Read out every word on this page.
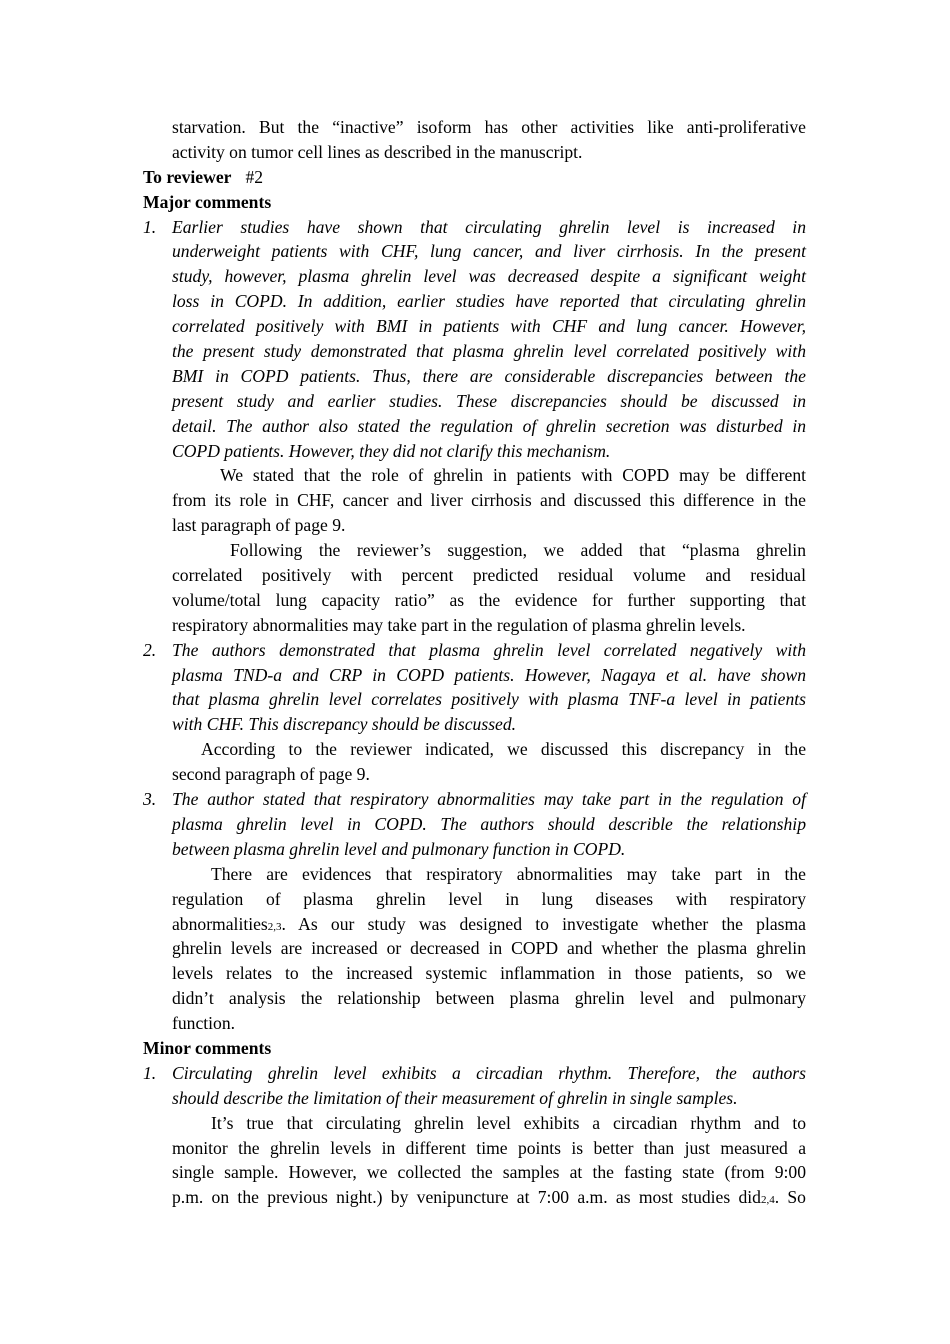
starvation. But the “inactive” isoform has other activities like anti-proliferative
activity on tumor cell lines as described in the manuscript.
To reviewer #2
Major comments
1. Earlier studies have shown that circulating ghrelin level is increased in
underweight patients with CHF, lung cancer, and liver cirrhosis. In the present
study, however, plasma ghrelin level was decreased despite a significant weight
loss in COPD. In addition, earlier studies have reported that circulating ghrelin
correlated positively with BMI in patients with CHF and lung cancer. However,
the present study demonstrated that plasma ghrelin level correlated positively with
BMI in COPD patients. Thus, there are considerable discrepancies between the
present study and earlier studies. These discrepancies should be discussed in
detail. The author also stated the regulation of ghrelin secretion was disturbed in
COPD patients. However, they did not clarify this mechanism.
We stated that the role of ghrelin in patients with COPD may be different
from its role in CHF, cancer and liver cirrhosis and discussed this difference in the
last paragraph of page 9.
Following the reviewer’s suggestion, we added that “plasma ghrelin
correlated positively with percent predicted residual volume and residual
volume/total lung capacity ratio” as the evidence for further supporting that
respiratory abnormalities may take part in the regulation of plasma ghrelin levels.
2. The authors demonstrated that plasma ghrelin level correlated negatively with
plasma TND-a and CRP in COPD patients. However, Nagaya et al. have shown
that plasma ghrelin level correlates positively with plasma TNF-a level in patients
with CHF. This discrepancy should be discussed.
According to the reviewer indicated, we discussed this discrepancy in the
second paragraph of page 9.
3. The author stated that respiratory abnormalities may take part in the regulation of
plasma ghrelin level in COPD. The authors should describle the relationship
between plasma ghrelin level and pulmonary function in COPD.
There are evidences that respiratory abnormalities may take part in the
regulation of plasma ghrelin level in lung diseases with respiratory
abnormalities2,3. As our study was designed to investigate whether the plasma
ghrelin levels are increased or decreased in COPD and whether the plasma ghrelin
levels relates to the increased systemic inflammation in those patients, so we
didn’t analysis the relationship between plasma ghrelin level and pulmonary
function.
Minor comments
1. Circulating ghrelin level exhibits a circadian rhythm. Therefore, the authors
should describe the limitation of their measurement of ghrelin in single samples.
It’s true that circulating ghrelin level exhibits a circadian rhythm and to
monitor the ghrelin levels in different time points is better than just measured a
single sample. However, we collected the samples at the fasting state (from 9:00
p.m. on the previous night.) by venipuncture at 7:00 a.m. as most studies did2,4. So
